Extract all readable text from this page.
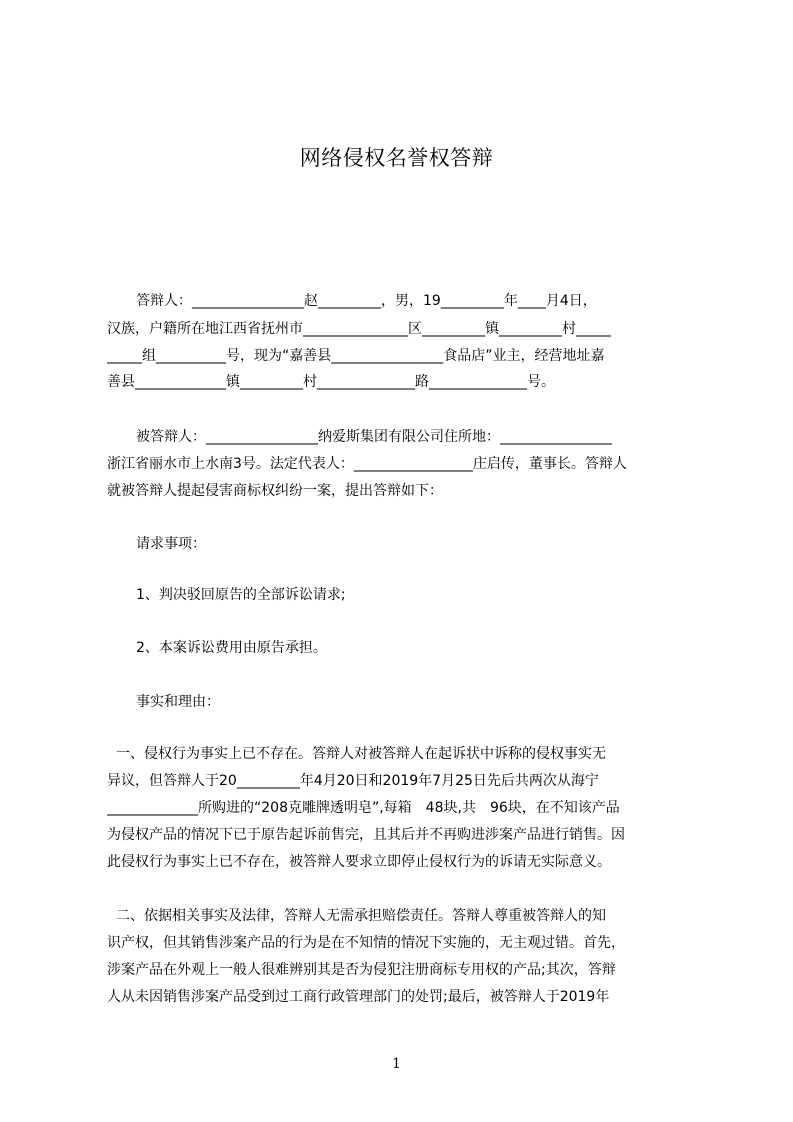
网络侵权名誉权答辩
答辩人：________________赵_________，男，19_________年____月4日，
汉族，户籍所在地江西省抚州市_______________区_________镇_________村_____
_____组__________号，现为“嘉善县________________食品店”业主，经营地址嘉
善县_____________镇_________村______________路______________号。
被答辩人：________________纳爱斯集团有限公司住所地：________________
浙江省丽水市上水南3号。法定代表人：_________________庄启传，董事长。答辩人
就被答辩人提起侵害商标权纠纷一案，提出答辩如下：
请求事项：
1、判决驳回原告的全部诉讼请求;
2、本案诉讼费用由原告承担。
事实和理由：
一、侵权行为事实上已不存在。答辩人对被答辩人在起诉状中诉称的侵权事实无
异议，但答辩人于20_________年4月20日和2019年7月25日先后共两次从海宁
_____________所购进的“208克雕牌透明皂”,每箱　48块,共　96块，在不知该产品
为侵权产品的情况下已于原告起诉前售完，且其后并不再购进涉案产品进行销售。因
此侵权行为事实上已不存在，被答辩人要求立即停止侵权行为的诉请无实际意义。
二、依据相关事实及法律，答辩人无需承担赔偿责任。答辩人尊重被答辩人的知
识产权，但其销售涉案产品的行为是在不知情的情况下实施的，无主观过错。首先，
涉案产品在外观上一般人很难辨别其是否为侵犯注册商标专用权的产品;其次，答辩
人从未因销售涉案产品受到过工商行政管理部门的处罚;最后，被答辩人于2019年
1
